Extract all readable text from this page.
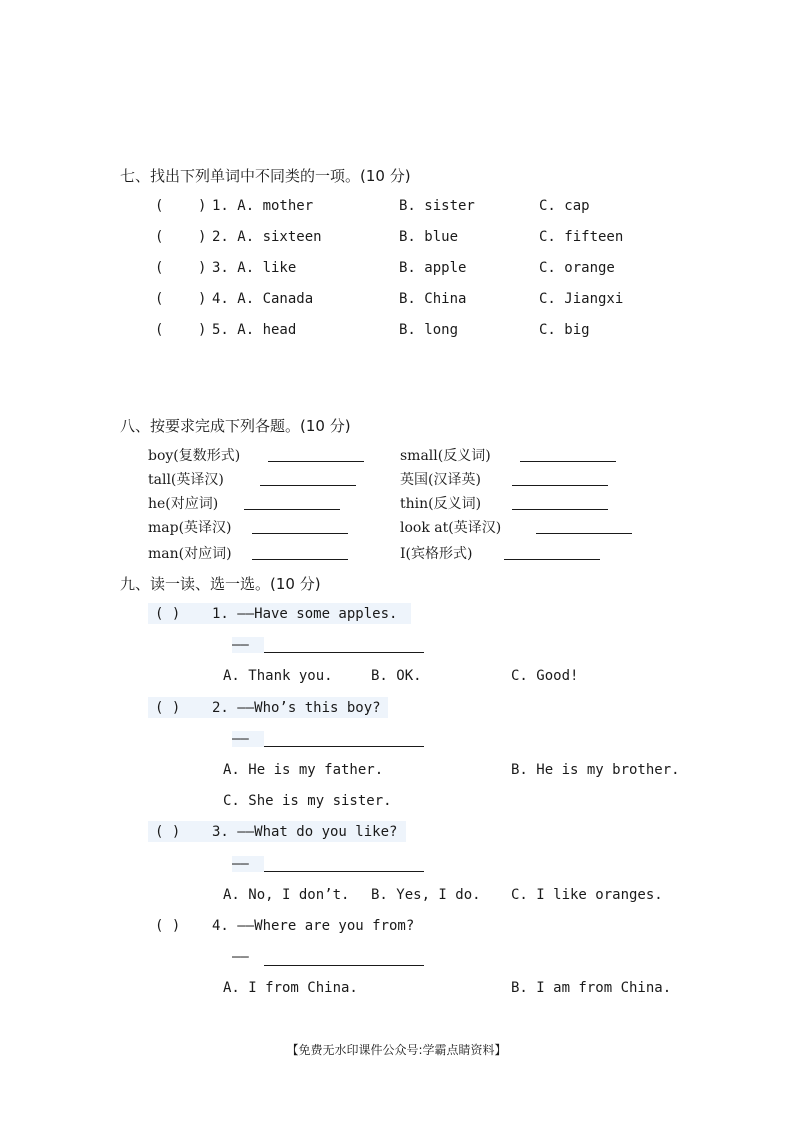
七、找出下列单词中不同类的一项。(10 分)
( ) 1. A. mother	B. sister	C. cap
( ) 2. A. sixteen	B. blue	C. fifteen
( ) 3. A. like	B. apple	C. orange
( ) 4. A. Canada	B. China	C. Jiangxi
( ) 5. A. head	B. long	C. big
八、按要求完成下列各题。(10 分)
boy(复数形式)	small(反义词)
tall(英译汉)	英国(汉译英)
he(对应词)	thin(反义词)
map(英译汉)	look at(英译汉)
man(对应词)	I(宾格形式)
九、读一读、选一选。(10 分)
( ) 1. ——Have some apples.
——
A. Thank you.	B. OK.	C. Good!
( ) 2. ——Who’s this boy?
——
A. He is my father.	B. He is my brother.
C. She is my sister.
( ) 3. ——What do you like?
——
A. No, I don’t. B. Yes, I do. C. I like oranges.
( ) 4. ——Where are you from?
——
A. I from China.	B. I am from China.
【免费无水印课件公众号:学霸点睛资料】
